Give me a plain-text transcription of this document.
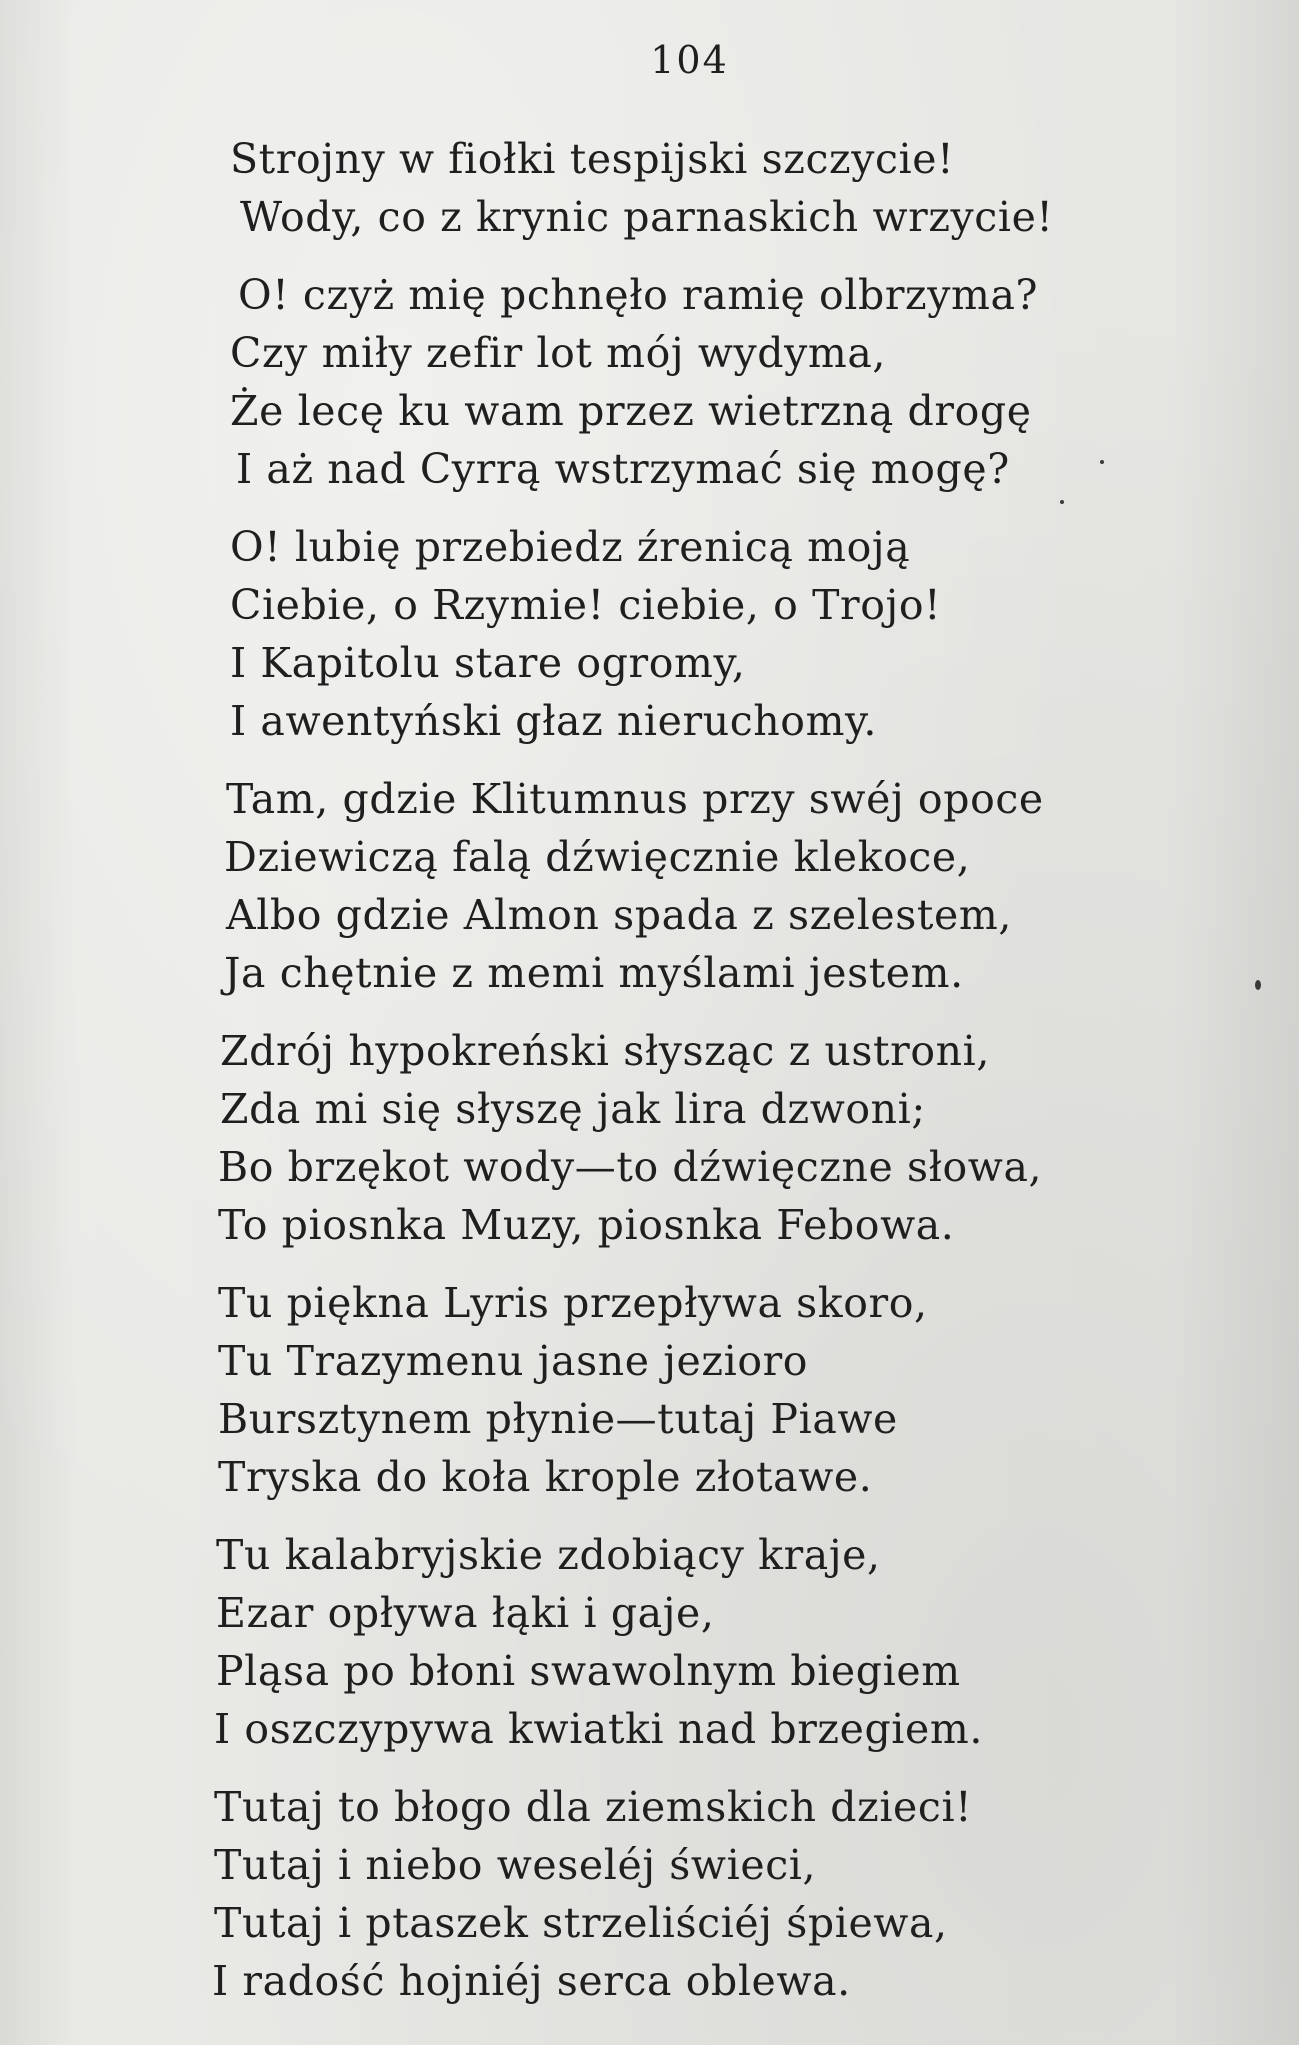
104
Strojny w fiołki tespijski szczycie!
Wody, co z krynic parnaskich wrzycie!
O! czyż mię pchnęło ramię olbrzyma?
Czy miły zefir lot mój wydyma,
Że lecę ku wam przez wietrzną drogę
I aż nad Cyrrą wstrzymać się mogę?
O! lubię przebiedz źrenicą moją
Ciebie, o Rzymie! ciebie, o Trojo!
I Kapitolu stare ogromy,
I awentyński głaz nieruchomy.
Tam, gdzie Klitumnus przy swéj opoce
Dziewiczą falą dźwięcznie klekoce,
Albo gdzie Almon spada z szelestem,
Ja chętnie z memi myślami jestem.
Zdrój hypokreński słysząc z ustroni,
Zda mi się słyszę jak lira dzwoni;
Bo brzękot wody—to dźwięczne słowa,
To piosnka Muzy, piosnka Febowa.
Tu piękna Lyris przepływa skoro,
Tu Trazymenu jasne jezioro
Bursztynem płynie—tutaj Piawe
Tryska do koła krople złotawe.
Tu kalabryjskie zdobiący kraje,
Ezar opływa łąki i gaje,
Pląsa po błoni swawolnym biegiem
I oszczypywa kwiatki nad brzegiem.
Tutaj to błogo dla ziemskich dzieci!
Tutaj i niebo weseléj świeci,
Tutaj i ptaszek strzeliściéj śpiewa,
I radość hojniéj serca oblewa.
